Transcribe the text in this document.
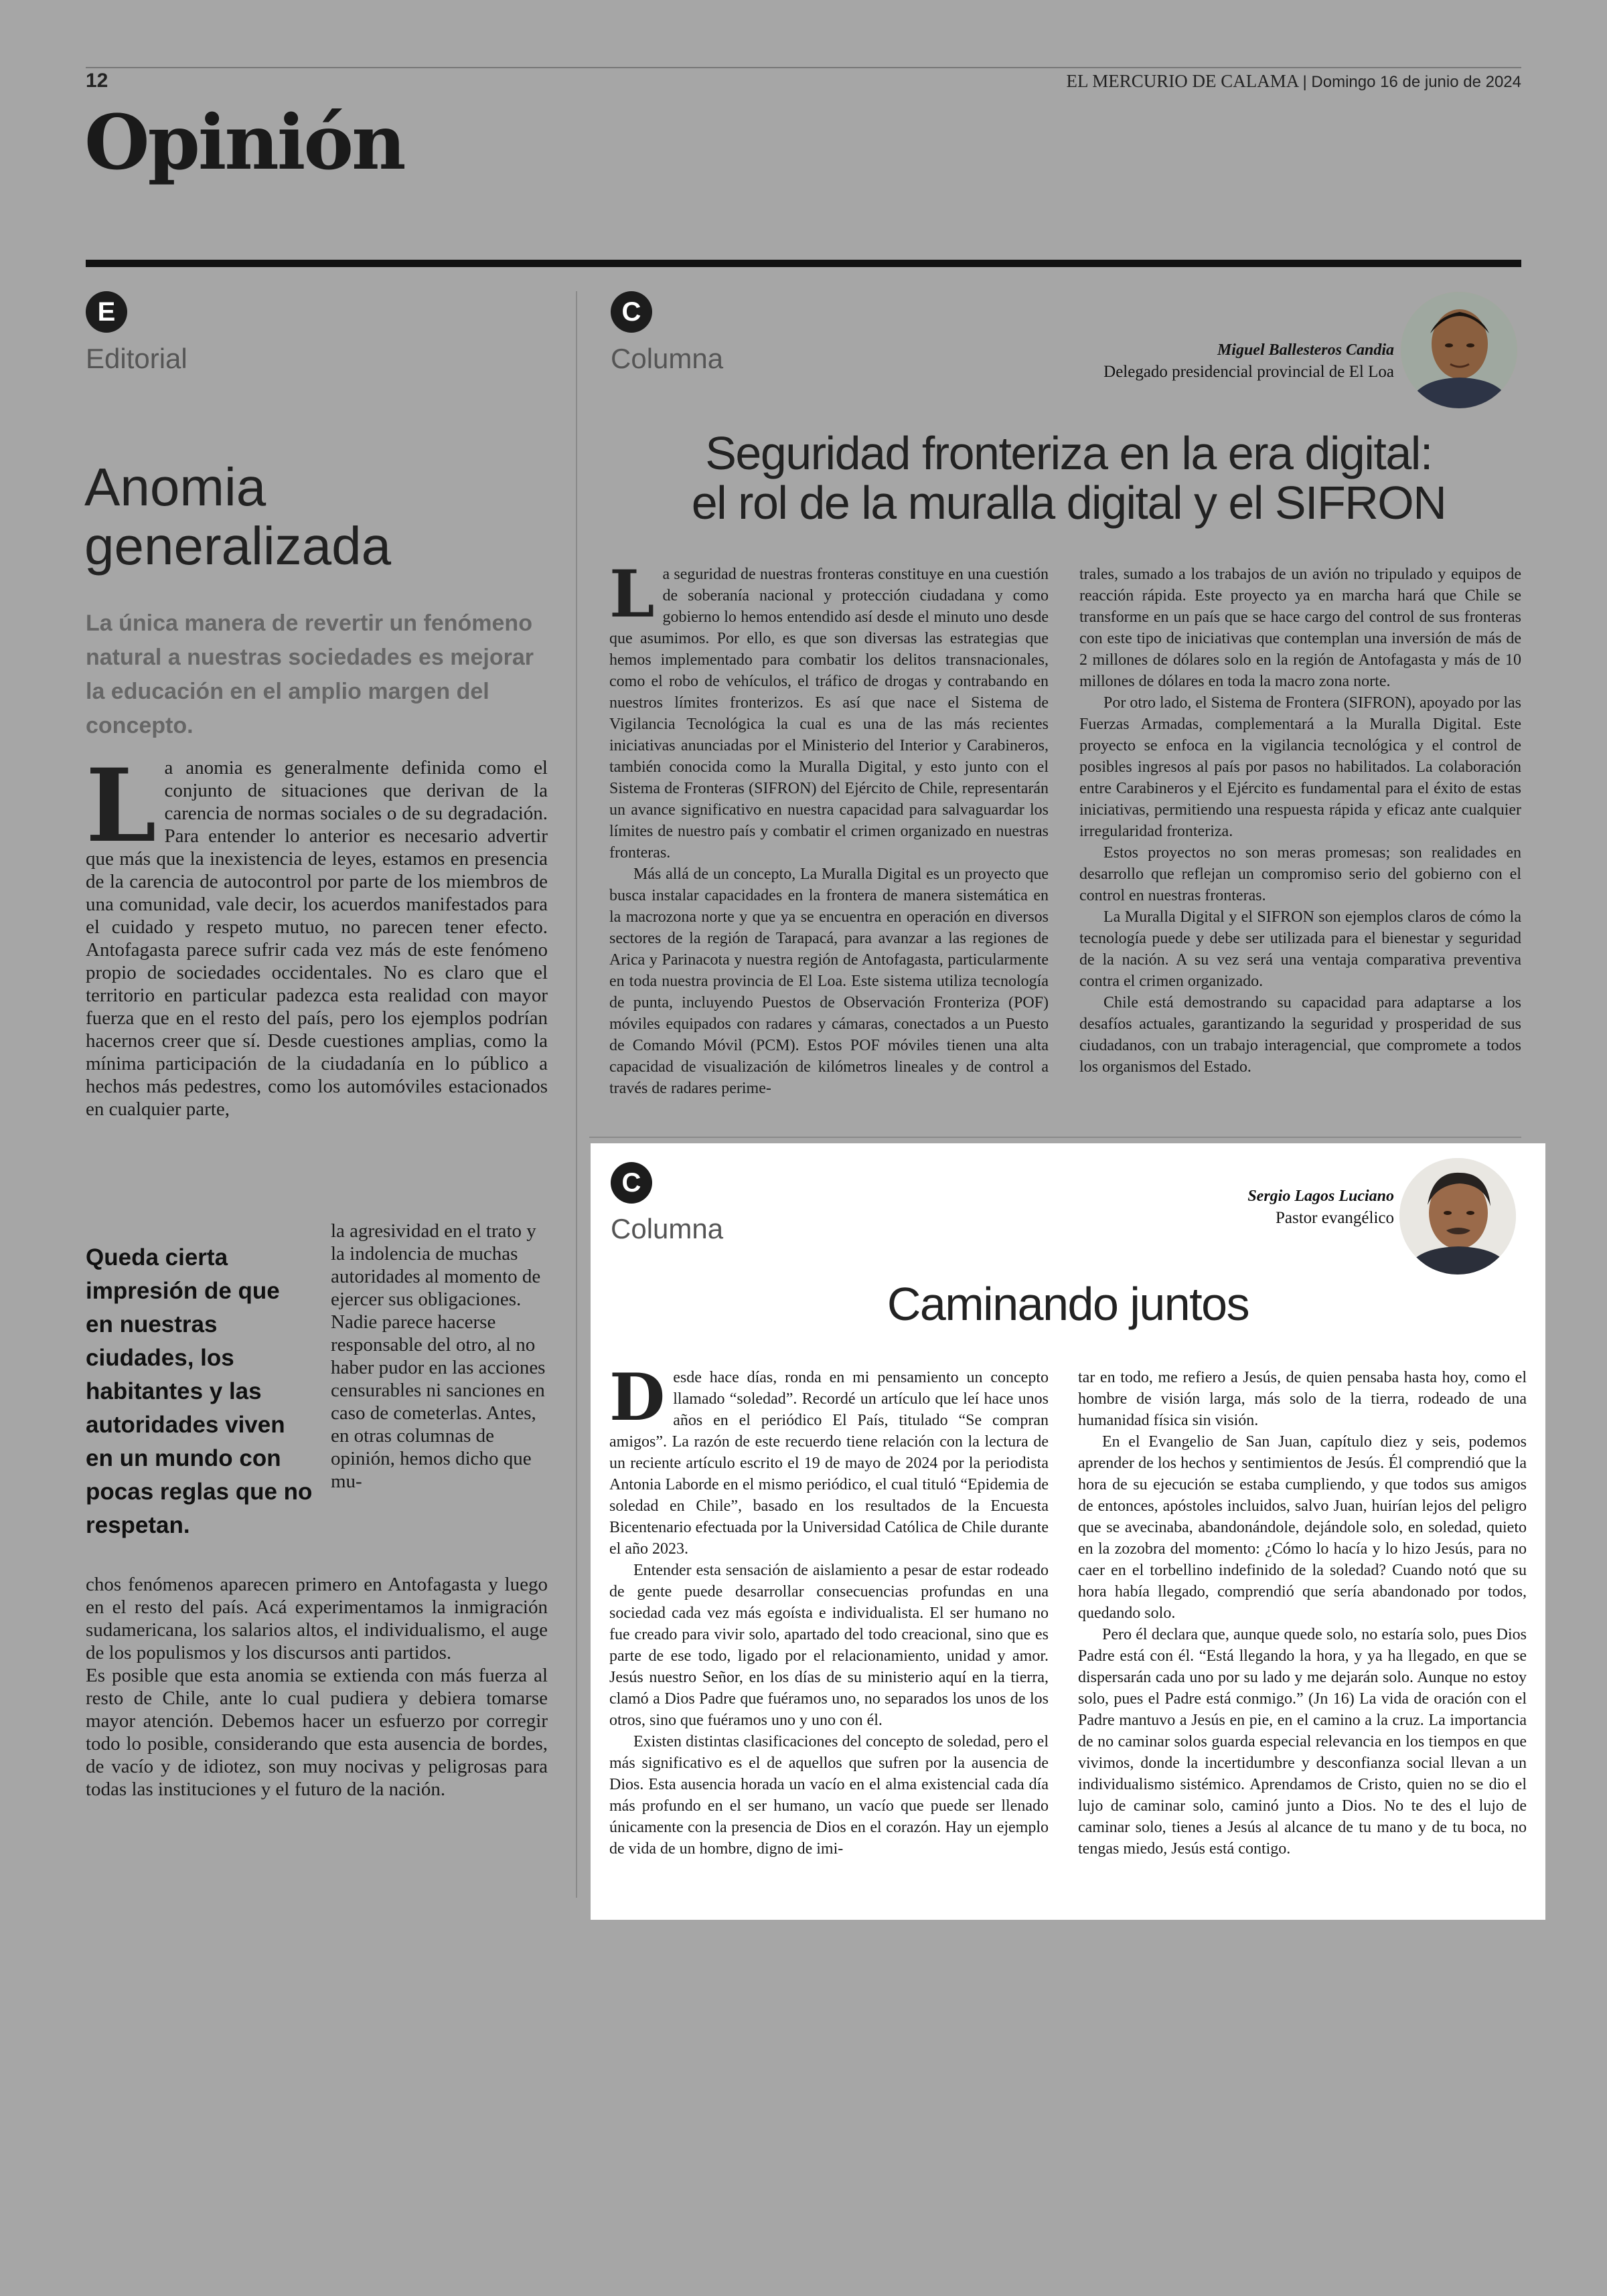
12	EL MERCURIO DE CALAMA | Domingo 16 de junio de 2024
Opinión
E
Editorial
Anomia generalizada
La única manera de revertir un fenómeno natural a nuestras sociedades es mejorar la educación en el amplio margen del concepto.
L a anomia es generalmente definida como el conjunto de situaciones que derivan de la carencia de normas sociales o de su degradación. Para entender lo anterior es necesario advertir que más que la inexistencia de leyes, estamos en presencia de la carencia de autocontrol por parte de los miembros de una comunidad, vale decir, los acuerdos manifestados para el cuidado y respeto mutuo, no parecen tener efecto. Antofagasta parece sufrir cada vez más de este fenómeno propio de sociedades occidentales. No es claro que el territorio en particular padezca esta realidad con mayor fuerza que en el resto del país, pero los ejemplos podrían hacernos creer que sí. Desde cuestiones amplias, como la mínima participación de la ciudadanía en lo público a hechos más pedestres, como los automóviles estacionados en cualquier parte,
Queda cierta impresión de que en nuestras ciudades, los habitantes y las autoridades viven en un mundo con pocas reglas que no respetan.

la agresividad en el trato y la indolencia de muchas autoridades al momento de ejercer sus obligaciones.

Nadie parece hacerse responsable del otro, al no haber pudor en las acciones censurables ni sanciones en caso de cometerlas. Antes, en otras columnas de opinión, hemos dicho que mu-

chos fenómenos aparecen primero en Antofagasta y luego en el resto del país. Acá experimentamos la inmigración sudamericana, los salarios altos, el individualismo, el auge de los populismos y los discursos anti partidos.

Es posible que esta anomia se extienda con más fuerza al resto de Chile, ante lo cual pudiera y debiera tomarse mayor atención. Debemos hacer un esfuerzo por corregir todo lo posible, considerando que esta ausencia de bordes, de vacío y de idiotez, son muy nocivas y peligrosas para todas las instituciones y el futuro de la nación.

C
Columna	Miguel Ballesteros Candia
Delegado presidencial provincial de El Loa
Seguridad fronteriza en la era digital:
el rol de la muralla digital y el SIFRON
L a seguridad de nuestras fronteras constituye en una cuestión de soberanía nacional y protección ciudadana y como gobierno lo hemos entendido así desde el minuto uno desde que asumimos. Por ello, es que son diversas las estrategias que hemos implementado para combatir los delitos transnacionales, como el robo de vehículos, el tráfico de drogas y contrabando en nuestros límites fronterizos. Es así que nace el Sistema de Vigilancia Tecnológica la cual es una de las más recientes iniciativas anunciadas por el Ministerio del Interior y Carabineros, también conocida como la Muralla Digital, y esto junto con el Sistema de Fronteras (SIFRON) del Ejército de Chile, representarán un avance significativo en nuestra capacidad para salvaguardar los límites de nuestro país y combatir el crimen organizado en nuestras fronteras.

Más allá de un concepto, La Muralla Digital es un proyecto que busca instalar capacidades en la frontera de manera sistemática en la macrozona norte y que ya se encuentra en operación en diversos sectores de la región de Tarapacá, para avanzar a las regiones de Arica y Parinacota y nuestra región de Antofagasta, particularmente en toda nuestra provincia de El Loa. Este sistema utiliza tecnología de punta, incluyendo Puestos de Observación Fronteriza (POF) móviles equipados con radares y cámaras, conectados a un Puesto de Comando Móvil (PCM). Estos POF móviles tienen una alta capacidad de visualización de kilómetros lineales y de control a través de radares perime-

trales, sumado a los trabajos de un avión no tripulado y equipos de reacción rápida. Este proyecto ya en marcha hará que Chile se transforme en un país que se hace cargo del control de sus fronteras con este tipo de iniciativas que contemplan una inversión de más de 2 millones de dólares solo en la región de Antofagasta y más de 10 millones de dólares en toda la macro zona norte.

Por otro lado, el Sistema de Frontera (SIFRON), apoyado por las Fuerzas Armadas, complementará a la Muralla Digital. Este proyecto se enfoca en la vigilancia tecnológica y el control de posibles ingresos al país por pasos no habilitados. La colaboración entre Carabineros y el Ejército es fundamental para el éxito de estas iniciativas, permitiendo una respuesta rápida y eficaz ante cualquier irregularidad fronteriza.

Estos proyectos no son meras promesas; son realidades en desarrollo que reflejan un compromiso serio del gobierno con el control en nuestras fronteras.

La Muralla Digital y el SIFRON son ejemplos claros de cómo la tecnología puede y debe ser utilizada para el bienestar y seguridad de la nación. A su vez será una ventaja comparativa preventiva contra el crimen organizado.

Chile está demostrando su capacidad para adaptarse a los desafíos actuales, garantizando la seguridad y prosperidad de sus ciudadanos, con un trabajo interagencial, que compromete a todos los organismos del Estado.

C
Columna
Sergio Lagos Luciano
Pastor evangélico
Caminando juntos
D esde hace días, ronda en mi pensamiento un concepto llamado “soledad”. Recordé un artículo que leí hace unos años en el periódico El País, titulado “Se compran amigos”. La razón de este recuerdo tiene relación con la lectura de un reciente artículo escrito el 19 de mayo de 2024 por la periodista Antonia Laborde en el mismo periódico, el cual tituló “Epidemia de soledad en Chile”, basado en los resultados de la Encuesta Bicentenario efectuada por la Universidad Católica de Chile durante el año 2023.

Entender esta sensación de aislamiento a pesar de estar rodeado de gente puede desarrollar consecuencias profundas en una sociedad cada vez más egoísta e individualista. El ser humano no fue creado para vivir solo, apartado del todo creacional, sino que es parte de ese todo, ligado por el relacionamiento, unidad y amor. Jesús nuestro Señor, en los días de su ministerio aquí en la tierra, clamó a Dios Padre que fuéramos uno, no separados los unos de los otros, sino que fuéramos uno y uno con él.

Existen distintas clasificaciones del concepto de soledad, pero el más significativo es el de aquellos que sufren por la ausencia de Dios. Esta ausencia horada un vacío en el alma existencial cada día más profundo en el ser humano, un vacío que puede ser llenado únicamente con la presencia de Dios en el corazón. Hay un ejemplo de vida de un hombre, digno de imi-

tar en todo, me refiero a Jesús, de quien pensaba hasta hoy, como el hombre de visión larga, más solo de la tierra, rodeado de una humanidad física sin visión.

En el Evangelio de San Juan, capítulo diez y seis, podemos aprender de los hechos y sentimientos de Jesús. Él comprendió que la hora de su ejecución se estaba cumpliendo, y que todos sus amigos de entonces, apóstoles incluidos, salvo Juan, huirían lejos del peligro que se avecinaba, abandonándole, dejándole solo, en soledad, quieto en la zozobra del momento: ¿Cómo lo hacía y lo hizo Jesús, para no caer en el torbellino indefinido de la soledad? Cuando notó que su hora había llegado, comprendió que sería abandonado por todos, quedando solo.

Pero él declara que, aunque quede solo, no estaría solo, pues Dios Padre está con él. “Está llegando la hora, y ya ha llegado, en que se dispersarán cada uno por su lado y me dejarán solo. Aunque no estoy solo, pues el Padre está conmigo.” (Jn 16) La vida de oración con el Padre mantuvo a Jesús en pie, en el camino a la cruz. La importancia de no caminar solos guarda especial relevancia en los tiempos en que vivimos, donde la incertidumbre y desconfianza social llevan a un individualismo sistémico. Aprendamos de Cristo, quien no se dio el lujo de caminar solo, caminó junto a Dios. No te des el lujo de caminar solo, tienes a Jesús al alcance de tu mano y de tu boca, no tengas miedo, Jesús está contigo.
